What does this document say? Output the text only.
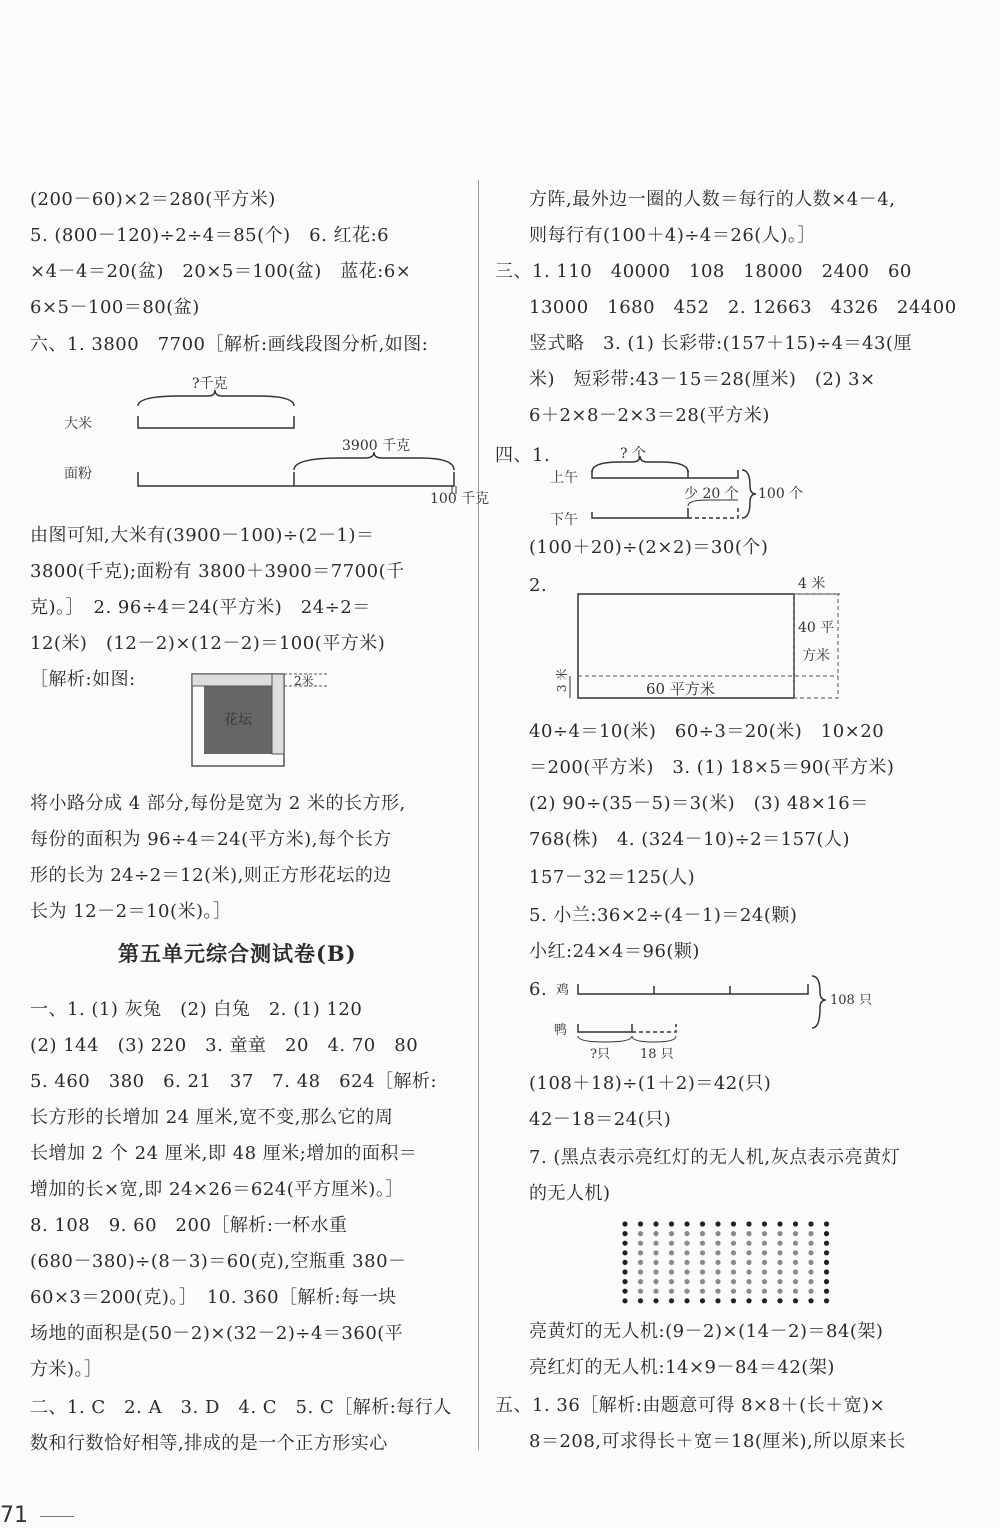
(200－60)×2＝280(平方米)
5. (800－120)÷2÷4＝85(个)　6. 红花:6
×4－4＝20(盆)　20×5＝100(盆)　蓝花:6×
6×5－100＝80(盆)
六、1. 3800　7700［解析:画线段图分析,如图:
?千克
大米
3900 千克
面粉
100 千克
由图可知,大米有(3900－100)÷(2－1)＝
3800(千克);面粉有 3800＋3900＝7700(千
克)。］　2. 96÷4＝24(平方米)　24÷2＝
12(米)　(12－2)×(12－2)＝100(平方米)
［解析:如图:
花坛
2米
将小路分成 4 部分,每份是宽为 2 米的长方形,
每份的面积为 96÷4＝24(平方米),每个长方
形的长为 24÷2＝12(米),则正方形花坛的边
长为 12－2＝10(米)。］
第五单元综合测试卷(B)
一、1. (1) 灰兔　(2) 白兔　2. (1) 120
(2) 144　(3) 220　3. 童童　20　4. 70　80
5. 460　380　6. 21　37　7. 48　624［解析:
长方形的长增加 24 厘米,宽不变,那么它的周
长增加 2 个 24 厘米,即 48 厘米;增加的面积＝
增加的长×宽,即 24×26＝624(平方厘米)。］
8. 108　9. 60　200［解析:一杯水重
(680－380)÷(8－3)＝60(克),空瓶重 380－
60×3＝200(克)。］　10. 360［解析:每一块
场地的面积是(50－2)×(32－2)÷4＝360(平
方米)。］
二、1. C　2. A　3. D　4. C　5. C［解析:每行人
数和行数恰好相等,排成的是一个正方形实心
方阵,最外边一圈的人数＝每行的人数×4－4,
则每行有(100＋4)÷4＝26(人)。］
三、1. 110　40000　108　18000　2400　60
13000　1680　452　2. 12663　4326　24400
竖式略　3. (1) 长彩带:(157＋15)÷4＝43(厘
米)　短彩带:43－15＝28(厘米)　(2) 3×
6＋2×8－2×3＝28(平方米)
四、1.	? 个
上午
少 20 个
下午
100 个
(100＋20)÷(2×2)＝30(个)
2.	4 米
60 平方米
40 平
方米
3 米
40÷4＝10(米)　60÷3＝20(米)　10×20
＝200(平方米)　3. (1) 18×5＝90(平方米)
(2) 90÷(35－5)＝3(米)　(3) 48×16＝
768(株)　4. (324－10)÷2＝157(人)
157－32＝125(人)
5. 小兰:36×2÷(4－1)＝24(颗)
小红:24×4＝96(颗)
6. 鸡
108 只
鸭
?只 18 只
(108＋18)÷(1＋2)＝42(只)
42－18＝24(只)
7. (黑点表示亮红灯的无人机,灰点表示亮黄灯
的无人机)
亮黄灯的无人机:(9－2)×(14－2)＝84(架)
亮红灯的无人机:14×9－84＝42(架)
五、1. 36［解析:由题意可得 8×8＋(长＋宽)×
8＝208,可求得长＋宽＝18(厘米),所以原来长
71
